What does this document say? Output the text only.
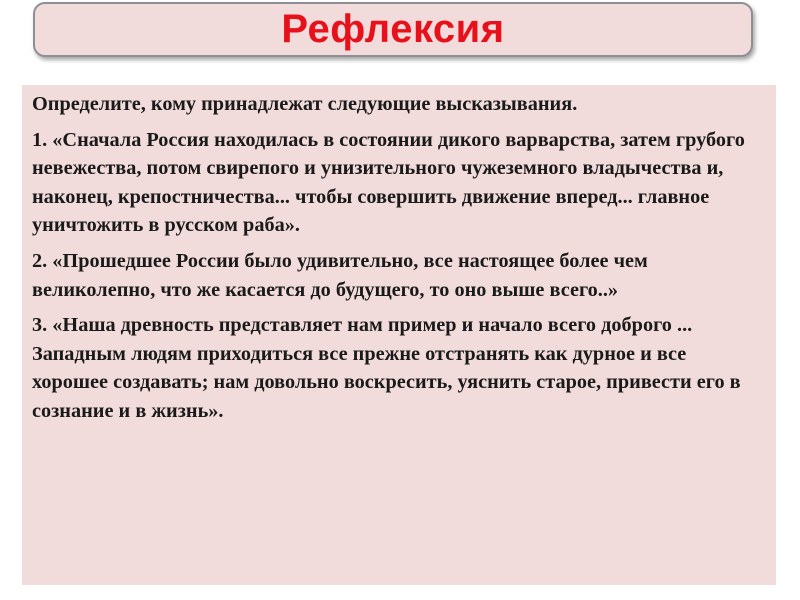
Рефлексия

Определите, кому принадлежат следующие высказывания.

1. «Сначала Россия находилась в состоянии дикого варварства, затем грубого невежества, потом свирепого и унизительного чужеземного владычества и, наконец, крепостничества... чтобы совершить движение вперед... главное уничтожить в русском раба».

2. «Прошедшее России было удивительно, все настоящее более чем великолепно, что же касается до будущего, то оно выше всего..»

3. «Наша древность представляет нам пример и начало всего доброго ... Западным людям приходиться все прежне отстранять как дурное и все хорошее создавать; нам довольно воскресить, уяснить старое, привести его в сознание и в жизнь».
